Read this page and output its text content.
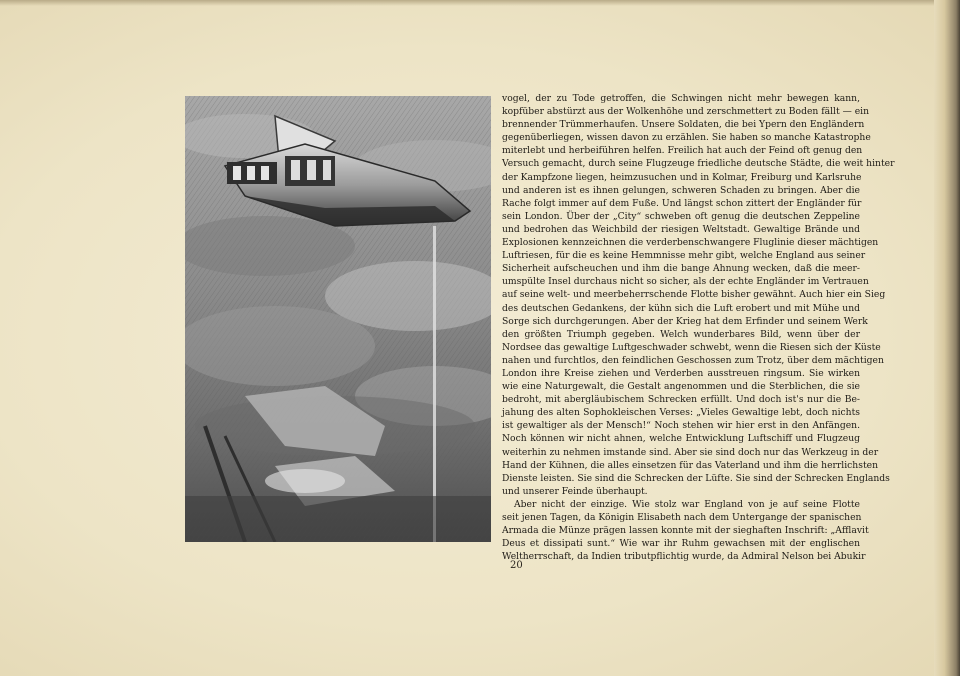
vogel, der zu Tode getroffen, die Schwingen nicht mehr bewegen kann,
kopfüber abstürzt aus der Wolkenhöhe und zerschmettert zu Boden fällt — ein
brennender Trümmerhaufen. Unsere Soldaten, die bei Ypern den Engländern
gegenüberliegen, wissen davon zu erzählen. Sie haben so manche Katastrophe
miterlebt und herbeiführen helfen. Freilich hat auch der Feind oft genug den
Versuch gemacht, durch seine Flugzeuge friedliche deutsche Städte, die weit hinter
der Kampfzone liegen, heimzusuchen und in Kolmar, Freiburg und Karlsruhe
und anderen ist es ihnen gelungen, schweren Schaden zu bringen. Aber die
Rache folgt immer auf dem Fuße. Und längst schon zittert der Engländer für
sein London. Über der „City“ schweben oft genug die deutschen Zeppeline
und bedrohen das Weichbild der riesigen Weltstadt. Gewaltige Brände und
Explosionen kennzeichnen die verderbenschwangere Fluglinie dieser mächtigen
Luftriesen, für die es keine Hemmnisse mehr gibt, welche England aus seiner
Sicherheit aufscheuchen und ihm die bange Ahnung wecken, daß die meer-
umspülte Insel durchaus nicht so sicher, als der echte Engländer im Vertrauen
auf seine welt- und meerbeherrschende Flotte bisher gewähnt. Auch hier ein Sieg
des deutschen Gedankens, der kühn sich die Luft erobert und mit Mühe und
Sorge sich durchgerungen. Aber der Krieg hat dem Erfinder und seinem Werk
den größten Triumph gegeben. Welch wunderbares Bild, wenn über der
Nordsee das gewaltige Luftgeschwader schwebt, wenn die Riesen sich der Küste
nahen und furchtlos, den feindlichen Geschossen zum Trotz, über dem mächtigen
London ihre Kreise ziehen und Verderben ausstreuen ringsum. Sie wirken
wie eine Naturgewalt, die Gestalt angenommen und die Sterblichen, die sie
bedroht, mit abergläubischem Schrecken erfüllt. Und doch ist's nur die Be-
jahung des alten Sophokleischen Verses: „Vieles Gewaltige lebt, doch nichts
ist gewaltiger als der Mensch!“ Noch stehen wir hier erst in den Anfängen.
Noch können wir nicht ahnen, welche Entwicklung Luftschiff und Flugzeug
weiterhin zu nehmen imstande sind. Aber sie sind doch nur das Werkzeug in der
Hand der Kühnen, die alles einsetzen für das Vaterland und ihm die herrlichsten
Dienste leisten. Sie sind die Schrecken der Lüfte. Sie sind der Schrecken Englands
und unserer Feinde überhaupt.
Aber nicht der einzige. Wie stolz war England von je auf seine Flotte
seit jenen Tagen, da Königin Elisabeth nach dem Untergange der spanischen
Armada die Münze prägen lassen konnte mit der sieghaften Inschrift: „Afflavit
Deus et dissipati sunt.“ Wie war ihr Ruhm gewachsen mit der englischen
Weltherrschaft, da Indien tributpflichtig wurde, da Admiral Nelson bei Abukir
20
